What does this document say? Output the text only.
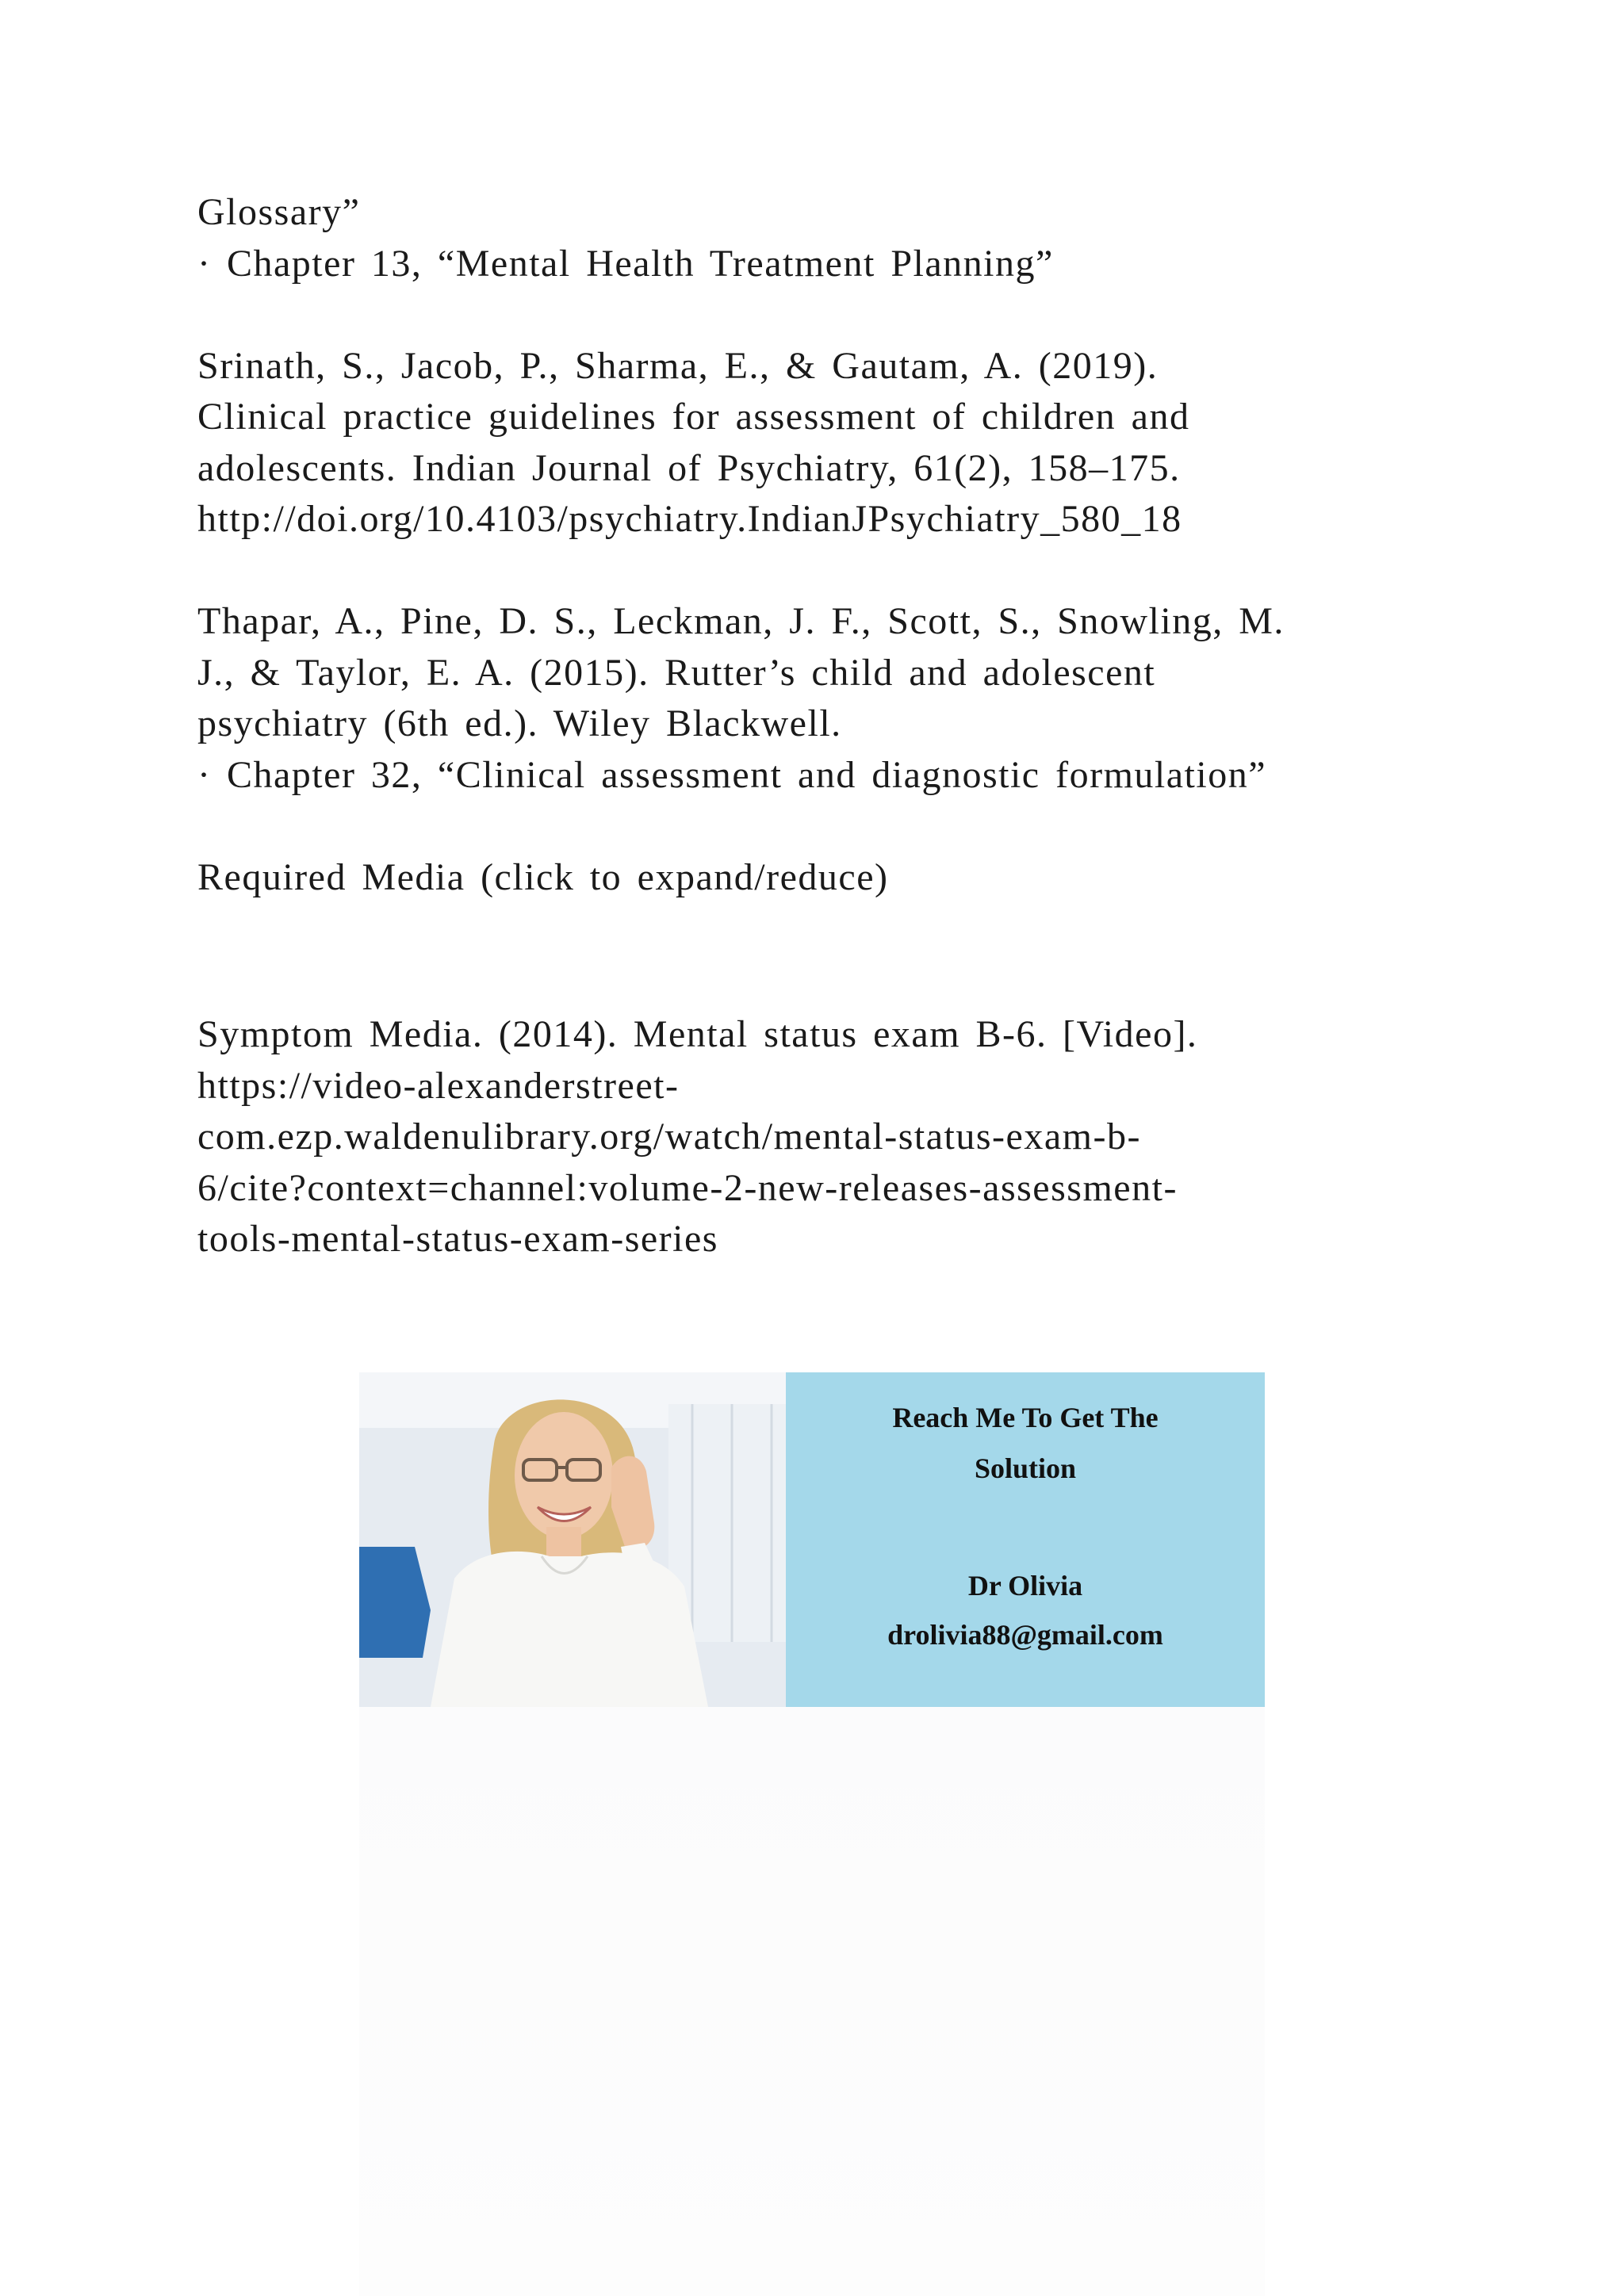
Glossary”
· Chapter 13, “Mental Health Treatment Planning”
Srinath, S., Jacob, P., Sharma, E., & Gautam, A. (2019).
Clinical practice guidelines for assessment of children and
adolescents. Indian Journal of Psychiatry, 61(2), 158–175.
http://doi.org/10.4103/psychiatry.IndianJPsychiatry_580_18
Thapar, A., Pine, D. S., Leckman, J. F., Scott, S., Snowling, M.
J., & Taylor, E. A. (2015). Rutter’s child and adolescent
psychiatry (6th ed.). Wiley Blackwell.
· Chapter 32, “Clinical assessment and diagnostic formulation”
Required Media (click to expand/reduce)
Symptom Media. (2014). Mental status exam B-6. [Video].
https://video-alexanderstreet-
com.ezp.waldenulibrary.org/watch/mental-status-exam-b-
6/cite?context=channel:volume-2-new-releases-assessment-
tools-mental-status-exam-series
Reach Me To Get The
Solution
Dr Olivia
drolivia88@gmail.com
